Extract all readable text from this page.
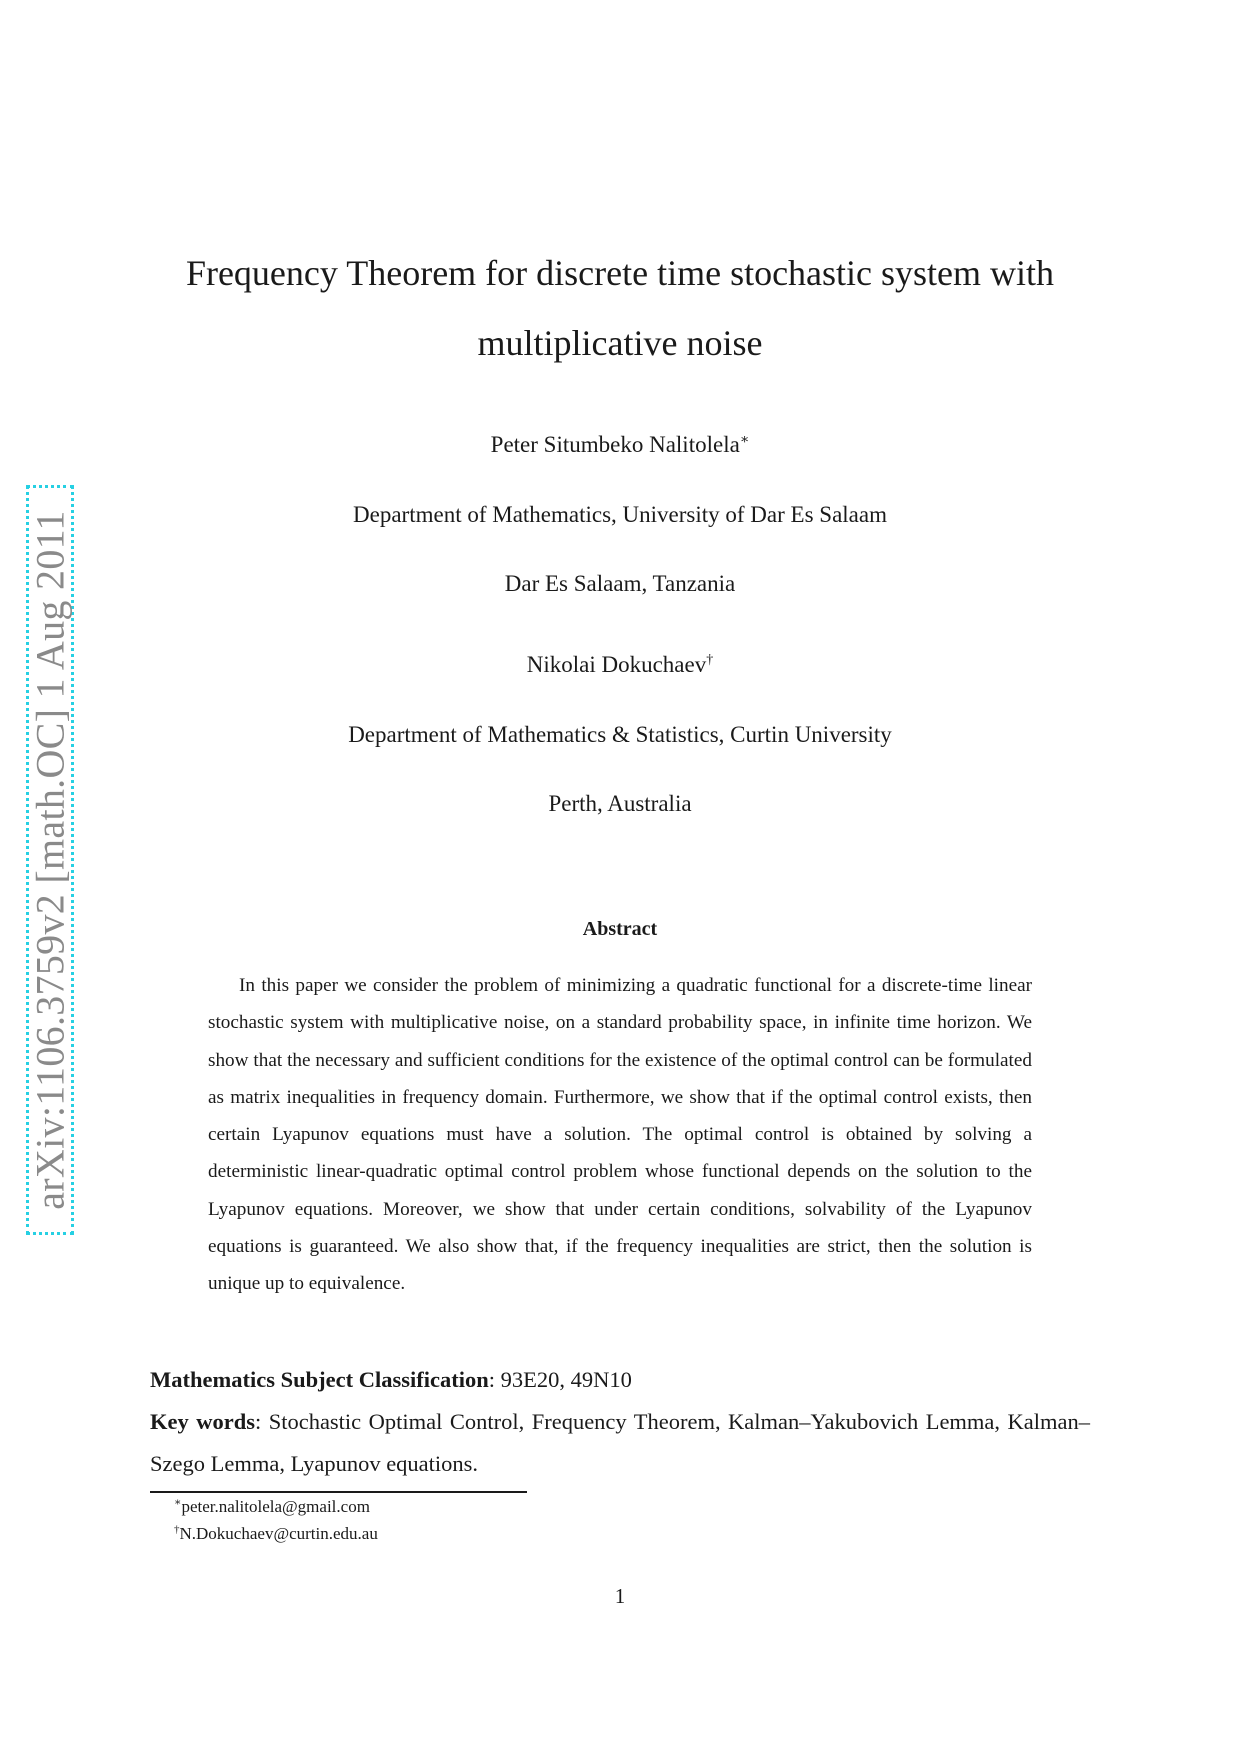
arXiv:1106.3759v2 [math.OC] 1 Aug 2011
Frequency Theorem for discrete time stochastic system with
multiplicative noise
Peter Situmbeko Nalitolela∗
Department of Mathematics, University of Dar Es Salaam
Dar Es Salaam, Tanzania
Nikolai Dokuchaev†
Department of Mathematics & Statistics, Curtin University
Perth, Australia
Abstract

In this paper we consider the problem of minimizing a quadratic functional for a discrete-time linear stochastic system with multiplicative noise, on a standard probability space, in infinite time horizon. We show that the necessary and sufficient conditions for the existence of the optimal control can be formulated as matrix inequalities in frequency domain. Furthermore, we show that if the optimal control exists, then certain Lyapunov equations must have a solution. The optimal control is obtained by solving a deterministic linear-quadratic optimal control problem whose functional depends on the solution to the Lyapunov equations. Moreover, we show that under certain conditions, solvability of the Lyapunov equations is guaranteed. We also show that, if the frequency inequalities are strict, then the solution is unique up to equivalence.

Mathematics Subject Classification: 93E20, 49N10

Key words: Stochastic Optimal Control, Frequency Theorem, Kalman–Yakubovich Lemma, Kalman–Szego Lemma, Lyapunov equations.

∗peter.nalitolela@gmail.com
†N.Dokuchaev@curtin.edu.au
1
